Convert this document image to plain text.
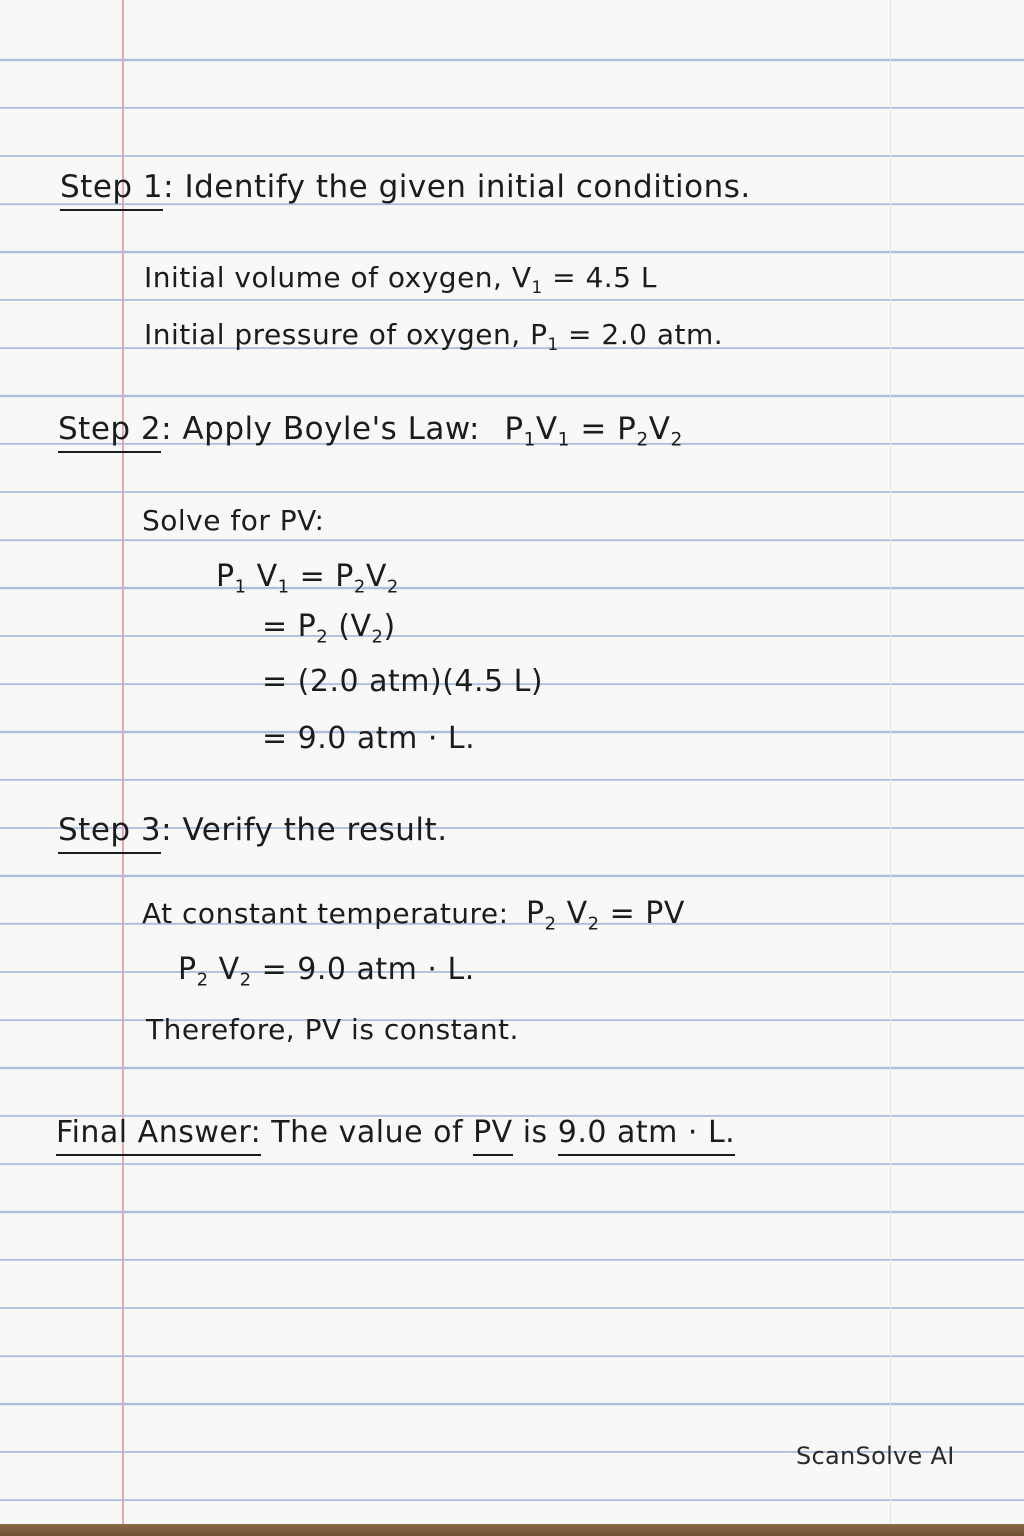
Step 1: Identify the given initial conditions.
Initial volume of oxygen, $V_1 = 4.5$ L
Initial pressure of oxygen, $P_1 = 2.0$ atm.
Step 2: Apply Boyle's Law: $P_1V_1 = P_2V_2$
Solve for PV:
$P_1$ $V_1 = P_2V_2$
= $P_2$ $(V_2)$
= (2.0 atm)(4.5 L)
= 9.0 atm · L.
Step 3: Verify the result.
At constant temperature: $P_2$ $V_2$ = PV
$P_2$ $V_2 = 9.0$ atm · L.
Therefore, PV is constant.
Final Answer: The value of PV is 9.0 atm · L.
ScanSolve AI
